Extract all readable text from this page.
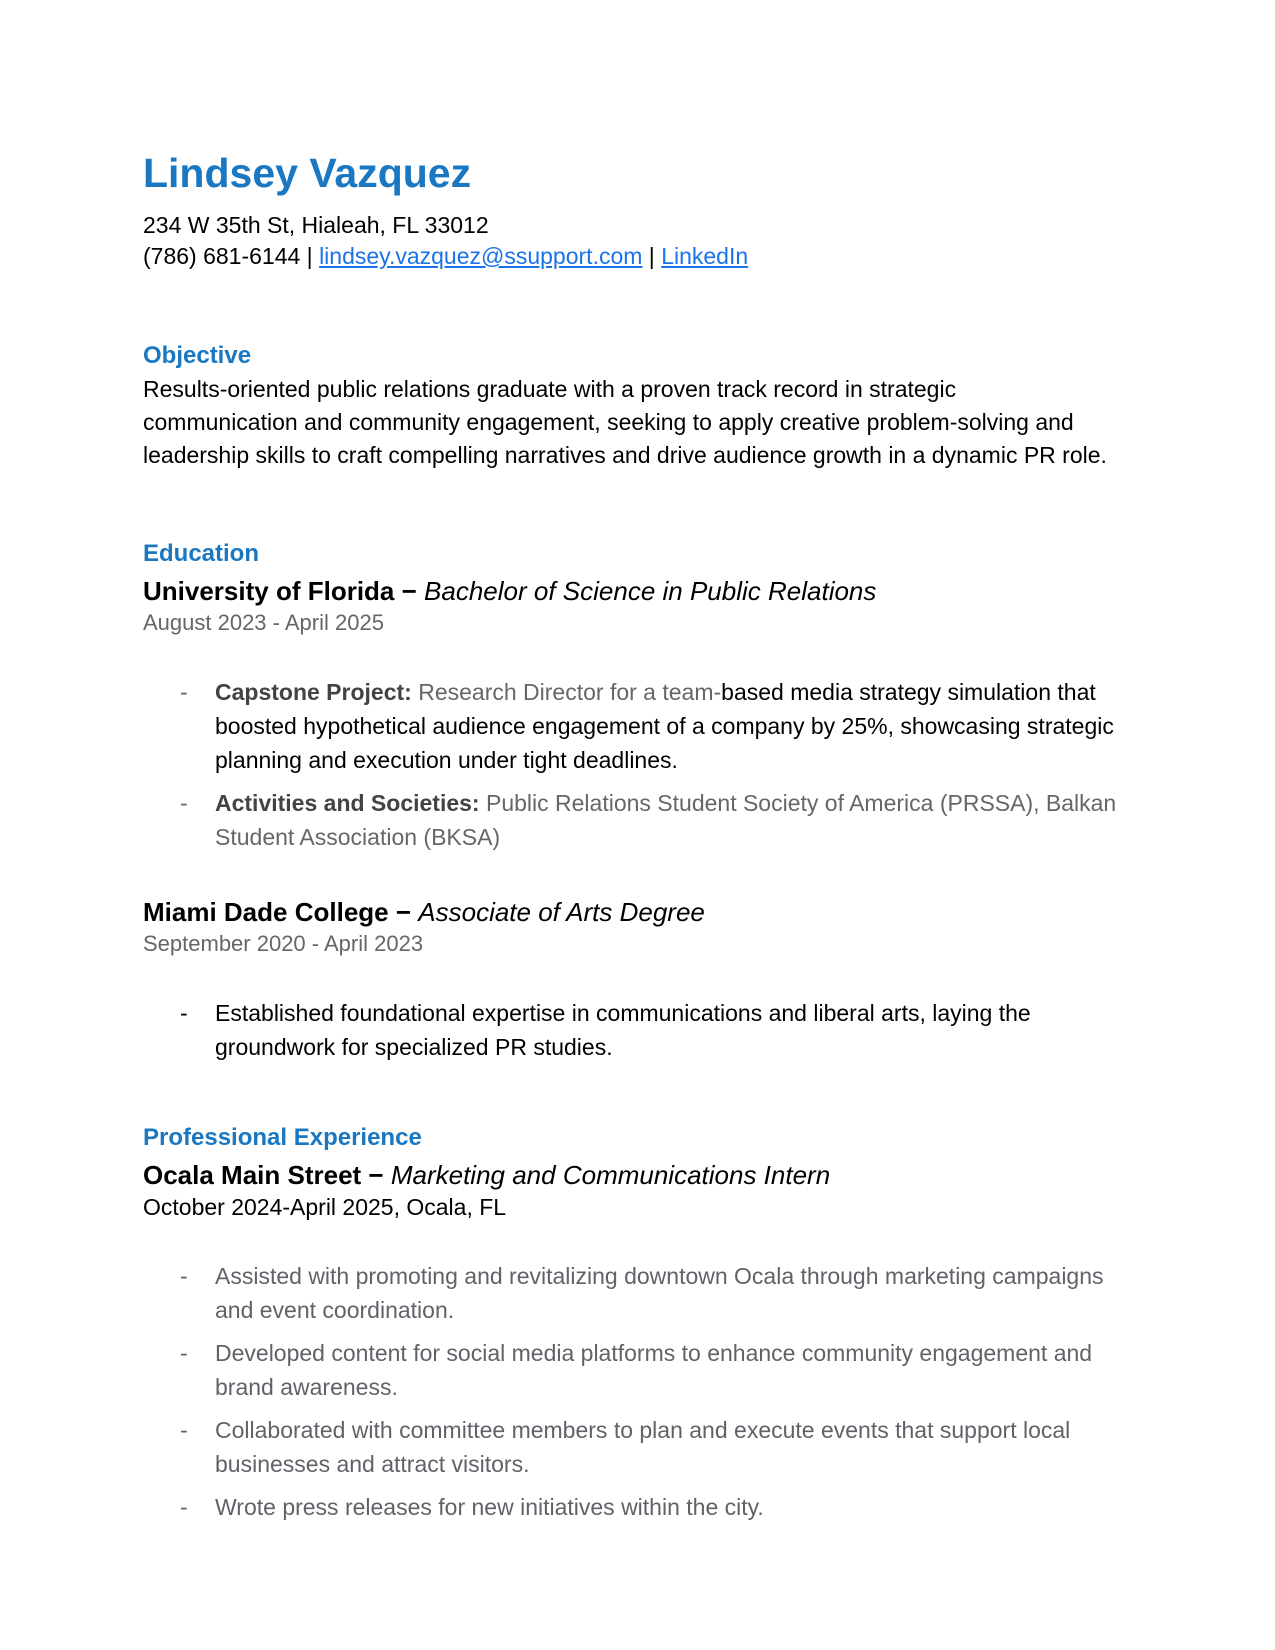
Lindsey Vazquez
234 W 35th St, Hialeah, FL 33012
(786) 681-6144 | lindsey.vazquez@ssupport.com | LinkedIn
Objective
Results-oriented public relations graduate with a proven track record in strategic communication and community engagement, seeking to apply creative problem-solving and leadership skills to craft compelling narratives and drive audience growth in a dynamic PR role.
Education
University of Florida − Bachelor of Science in Public Relations
August 2023 - April 2025
-	Capstone Project: Research Director for a team-based media strategy simulation that boosted hypothetical audience engagement of a company by 25%, showcasing strategic planning and execution under tight deadlines.
-	Activities and Societies: Public Relations Student Society of America (PRSSA), Balkan Student Association (BKSA)
Miami Dade College − Associate of Arts Degree
September 2020 - April 2023
-	Established foundational expertise in communications and liberal arts, laying the groundwork for specialized PR studies.
Professional Experience
Ocala Main Street − Marketing and Communications Intern
October 2024-April 2025, Ocala, FL
-	Assisted with promoting and revitalizing downtown Ocala through marketing campaigns and event coordination.
-	Developed content for social media platforms to enhance community engagement and brand awareness.
-	Collaborated with committee members to plan and execute events that support local businesses and attract visitors.
-	Wrote press releases for new initiatives within the city.
